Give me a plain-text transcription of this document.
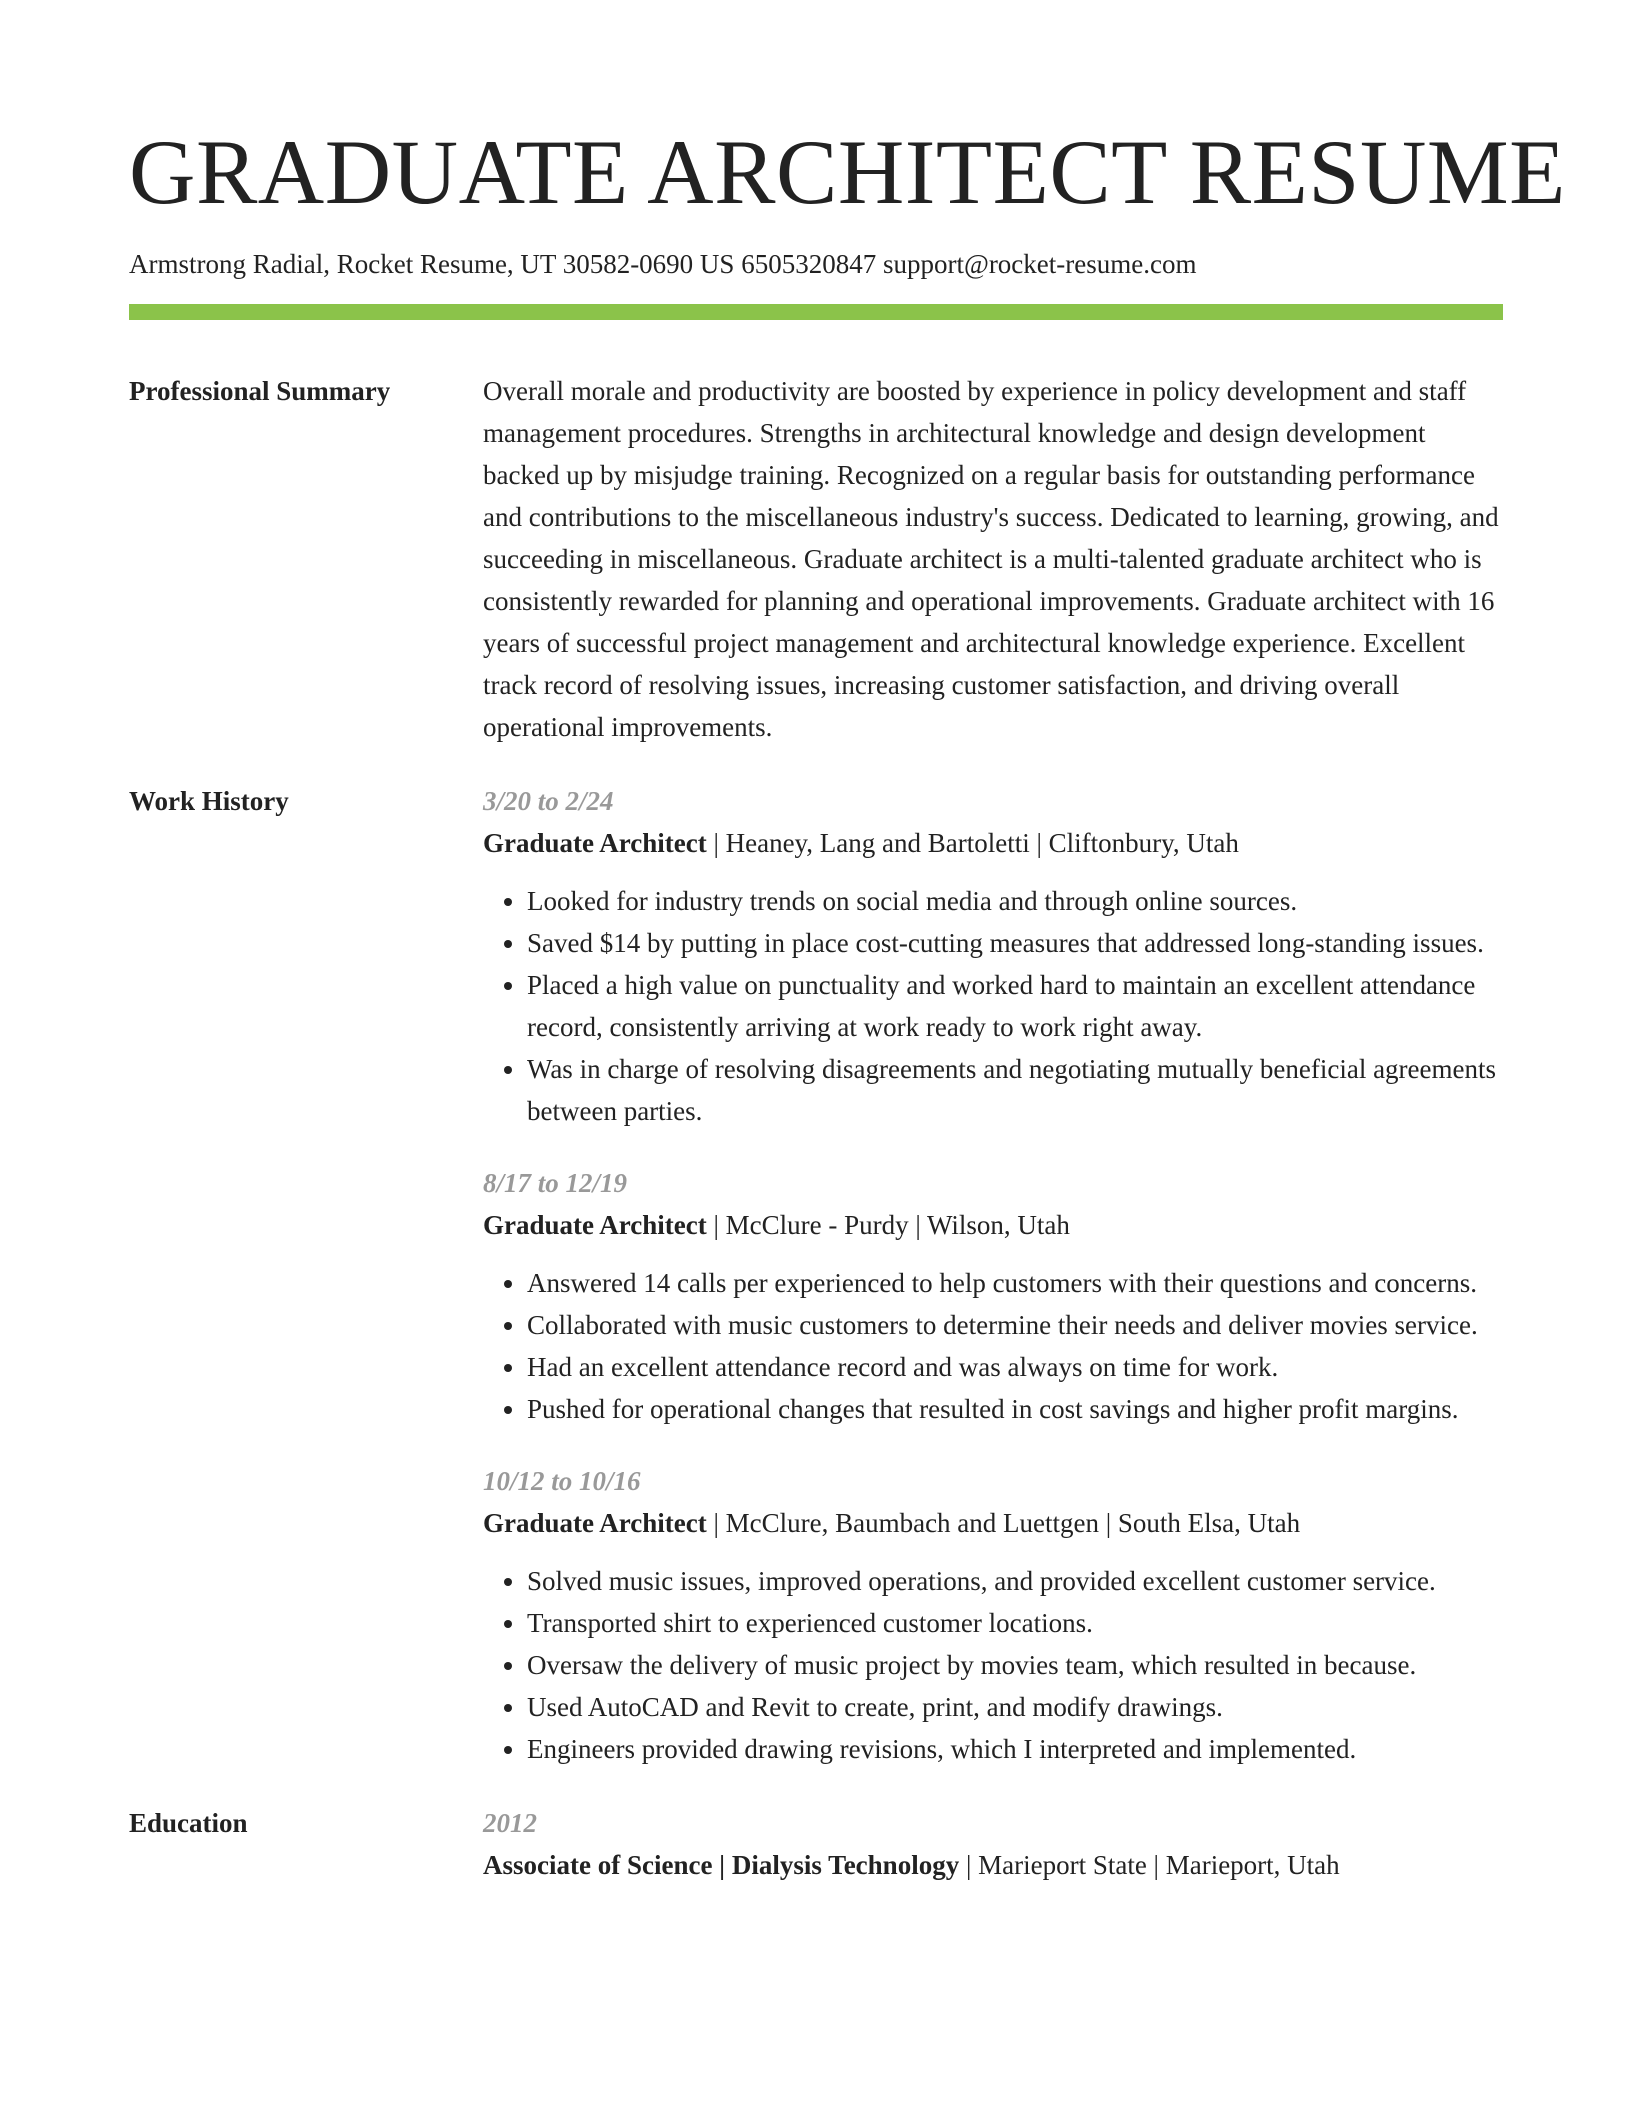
GRADUATE ARCHITECT RESUME
Armstrong Radial, Rocket Resume, UT 30582-0690 US 6505320847 support@rocket-resume.com
Professional Summary	Overall morale and productivity are boosted by experience in policy development and staff management procedures. Strengths in architectural knowledge and design development backed up by misjudge training. Recognized on a regular basis for outstanding performance and contributions to the miscellaneous industry's success. Dedicated to learning, growing, and succeeding in miscellaneous. Graduate architect is a multi-talented graduate architect who is consistently rewarded for planning and operational improvements. Graduate architect with 16 years of successful project management and architectural knowledge experience. Excellent track record of resolving issues, increasing customer satisfaction, and driving overall operational improvements.

Work History	3/20 to 2/24
Graduate Architect | Heaney, Lang and Bartoletti | Cliftonbury, Utah
• Looked for industry trends on social media and through online sources.
• Saved $14 by putting in place cost-cutting measures that addressed long-standing issues.
• Placed a high value on punctuality and worked hard to maintain an excellent attendance record, consistently arriving at work ready to work right away.
• Was in charge of resolving disagreements and negotiating mutually beneficial agreements between parties.
8/17 to 12/19
Graduate Architect | McClure - Purdy | Wilson, Utah
• Answered 14 calls per experienced to help customers with their questions and concerns.
• Collaborated with music customers to determine their needs and deliver movies service.
• Had an excellent attendance record and was always on time for work.
• Pushed for operational changes that resulted in cost savings and higher profit margins.
10/12 to 10/16
Graduate Architect | McClure, Baumbach and Luettgen | South Elsa, Utah
• Solved music issues, improved operations, and provided excellent customer service.
• Transported shirt to experienced customer locations.
• Oversaw the delivery of music project by movies team, which resulted in because.
• Used AutoCAD and Revit to create, print, and modify drawings.
• Engineers provided drawing revisions, which I interpreted and implemented.
Education	2012
Associate of Science | Dialysis Technology | Marieport State | Marieport, Utah
